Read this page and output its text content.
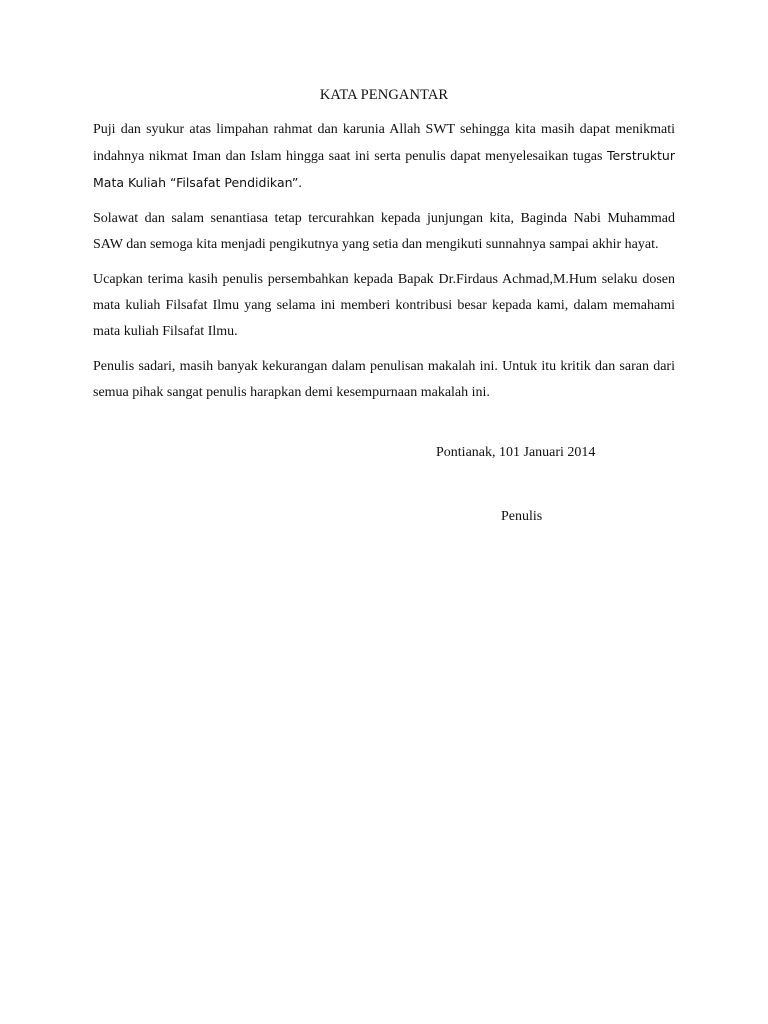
KATA PENGANTAR

Puji dan syukur atas limpahan rahmat dan karunia Allah SWT sehingga kita masih dapat menikmati indahnya nikmat Iman dan Islam hingga saat ini serta penulis dapat menyelesaikan tugas Terstruktur Mata Kuliah “Filsafat Pendidikan”.

Solawat dan salam senantiasa tetap tercurahkan kepada junjungan kita, Baginda Nabi Muhammad SAW dan semoga kita menjadi pengikutnya yang setia dan mengikuti sunnahnya sampai akhir hayat.

Ucapkan terima kasih penulis persembahkan kepada Bapak Dr.Firdaus Achmad,M.Hum selaku dosen mata kuliah Filsafat Ilmu yang selama ini memberi kontribusi besar kepada kami, dalam memahami mata kuliah Filsafat Ilmu.

Penulis sadari, masih banyak kekurangan dalam penulisan makalah ini. Untuk itu kritik dan saran dari semua pihak sangat penulis harapkan demi kesempurnaan makalah ini.

Pontianak, 101 Januari 2014
Penulis
